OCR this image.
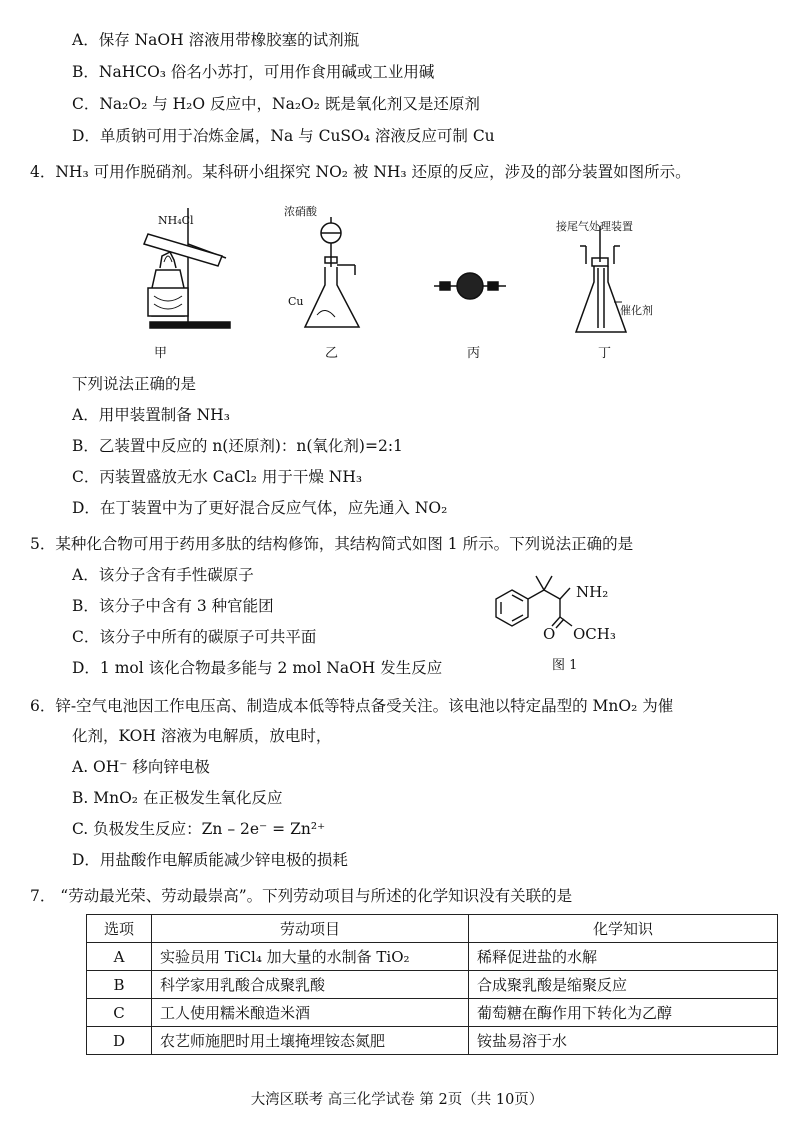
A．保存 NaOH 溶液用带橡胶塞的试剂瓶
B．NaHCO₃ 俗名小苏打，可用作食用碱或工业用碱
C．Na₂O₂ 与 H₂O 反应中，Na₂O₂ 既是氧化剂又是还原剂
D．单质钠可用于冶炼金属，Na 与 CuSO₄ 溶液反应可制 Cu
4．NH₃ 可用作脱硝剂。某科研小组探究 NO₂ 被 NH₃ 还原的反应，涉及的部分装置如图所示。
NH₄Cl
浓硝酸
Cu
接尾气处理装置
催化剂
甲	乙	丙	丁
下列说法正确的是
A．用甲装置制备 NH₃
B．乙装置中反应的 n(还原剂)：n(氧化剂)=2:1
C．丙装置盛放无水 CaCl₂ 用于干燥 NH₃
D．在丁装置中为了更好混合反应气体，应先通入 NO₂
5．某种化合物可用于药用多肽的结构修饰，其结构简式如图 1 所示。下列说法正确的是
A．该分子含有手性碳原子
B．该分子中含有 3 种官能团
C．该分子中所有的碳原子可共平面
D．1 mol 该化合物最多能与 2 mol NaOH 发生反应
NH₂
O OCH₃
图 1
6．锌-空气电池因工作电压高、制造成本低等特点备受关注。该电池以特定晶型的 MnO₂ 为催
化剂，KOH 溶液为电解质，放电时，
A. OH⁻ 移向锌电极
B. MnO₂ 在正极发生氧化反应
C. 负极发生反应：Zn – 2e⁻ = Zn²⁺
D．用盐酸作电解质能减少锌电极的损耗
7． “劳动最光荣、劳动最崇高”。下列劳动项目与所述的化学知识没有关联的是
选项	劳动项目	化学知识
A	实验员用 TiCl₄ 加大量的水制备 TiO₂	稀释促进盐的水解
B	科学家用乳酸合成聚乳酸	合成聚乳酸是缩聚反应
C	工人使用糯米酿造米酒	葡萄糖在酶作用下转化为乙醇
D	农艺师施肥时用土壤掩埋铵态氮肥	铵盐易溶于水
大湾区联考 高三化学试卷 第 2页（共 10页）
